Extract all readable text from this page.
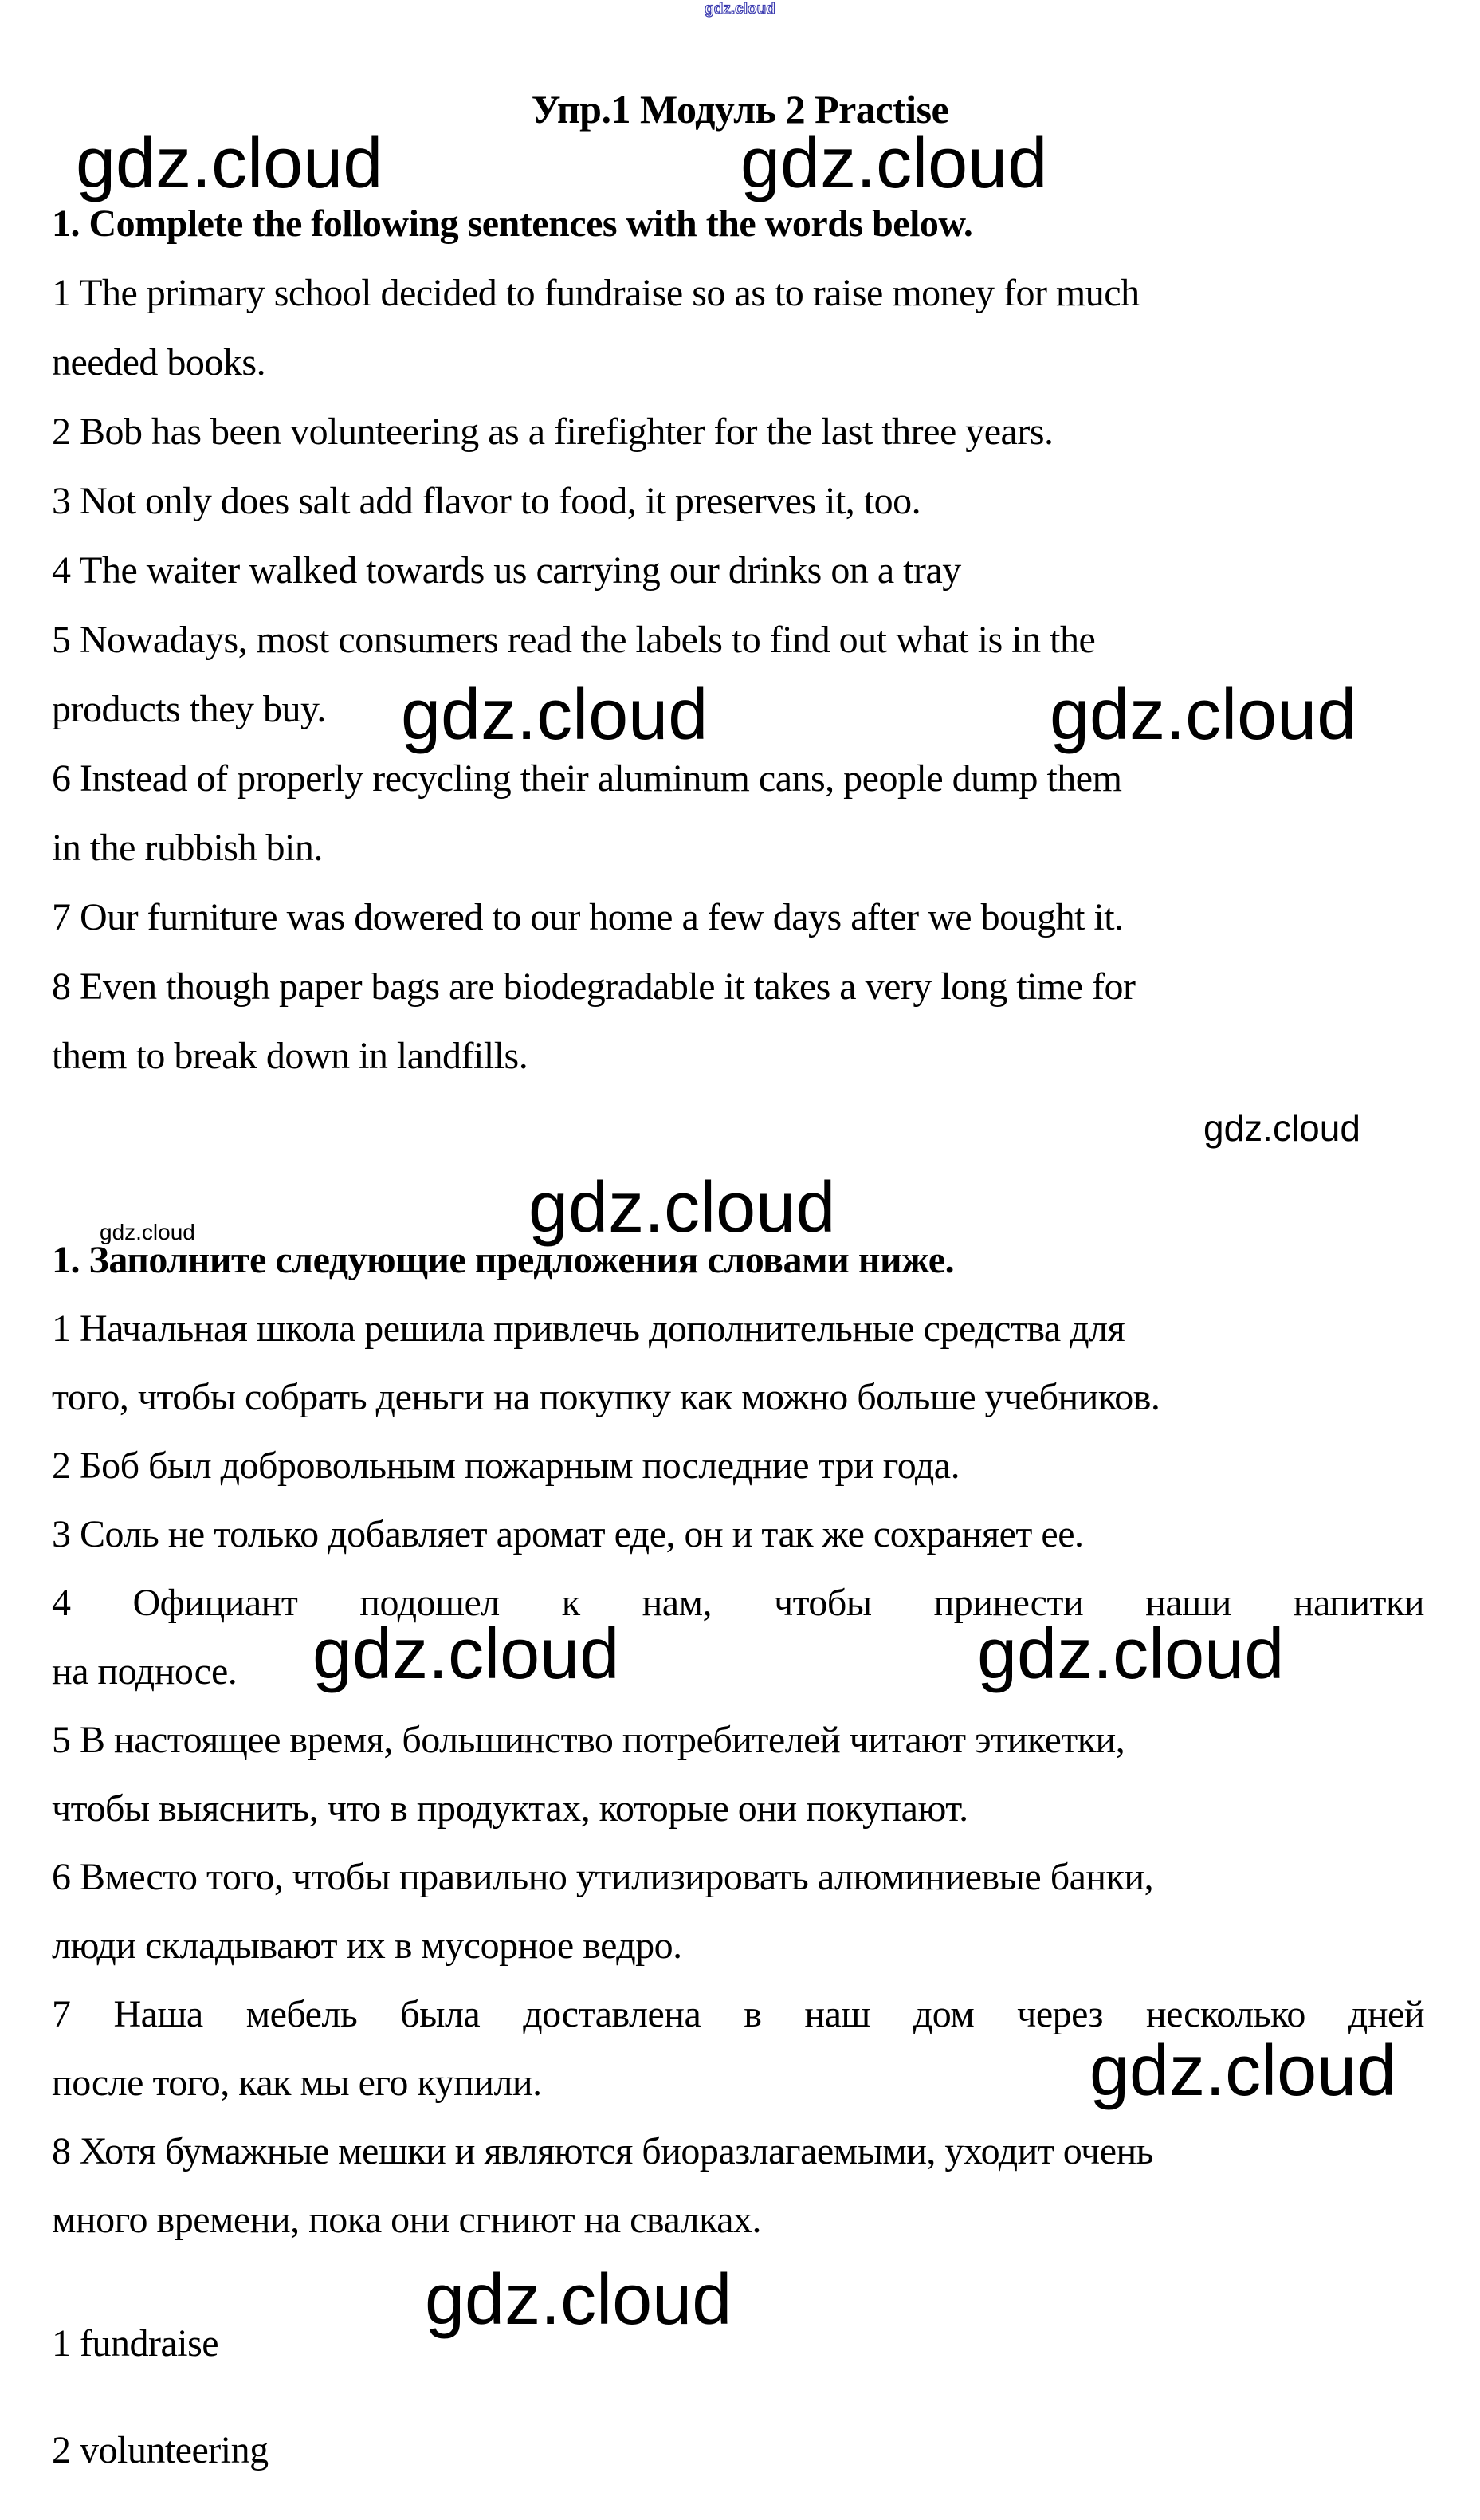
gdz.cloud
Упр.1 Модуль 2 Practise
gdz.cloud	gdz.cloud
1. Complete the following sentences with the words below.
1 The primary school decided to fundraise so as to raise money for much
needed books.
2 Bob has been volunteering as a firefighter for the last three years.
3 Not only does salt add flavor to food, it preserves it, too.
4 The waiter walked towards us carrying our drinks on a tray
5 Nowadays, most consumers read the labels to find out what is in the
products they buy.
6 Instead of properly recycling their aluminum cans, people dump them
in the rubbish bin.
7 Our furniture was dowered to our home a few days after we bought it.
8 Even though paper bags are biodegradable it takes a very long time for
them to break down in landfills.
gdz.cloud	gdz.cloud
gdz.cloud
gdz.cloud
gdz.cloud
1. Заполните следующие предложения словами ниже.
1 Начальная школа решила привлечь дополнительные средства для
того, чтобы собрать деньги на покупку как можно больше учебников.
2 Боб был добровольным пожарным последние три года.
3 Соль не только добавляет аромат еде, он и так же сохраняет ее.
4 Официант подошел к нам, чтобы принести наши напитки
на подносе.
5 В настоящее время, большинство потребителей читают этикетки,
чтобы выяснить, что в продуктах, которые они покупают.
6 Вместо того, чтобы правильно утилизировать алюминиевые банки,
люди складывают их в мусорное ведро.
7 Наша мебель была доставлена в наш дом через несколько дней
после того, как мы его купили.
8 Хотя бумажные мешки и являются биоразлагаемыми, уходит очень
много времени, пока они сгниют на свалках.
gdz.cloud	gdz.cloud
gdz.cloud
gdz.cloud
1 fundraise
2 volunteering
